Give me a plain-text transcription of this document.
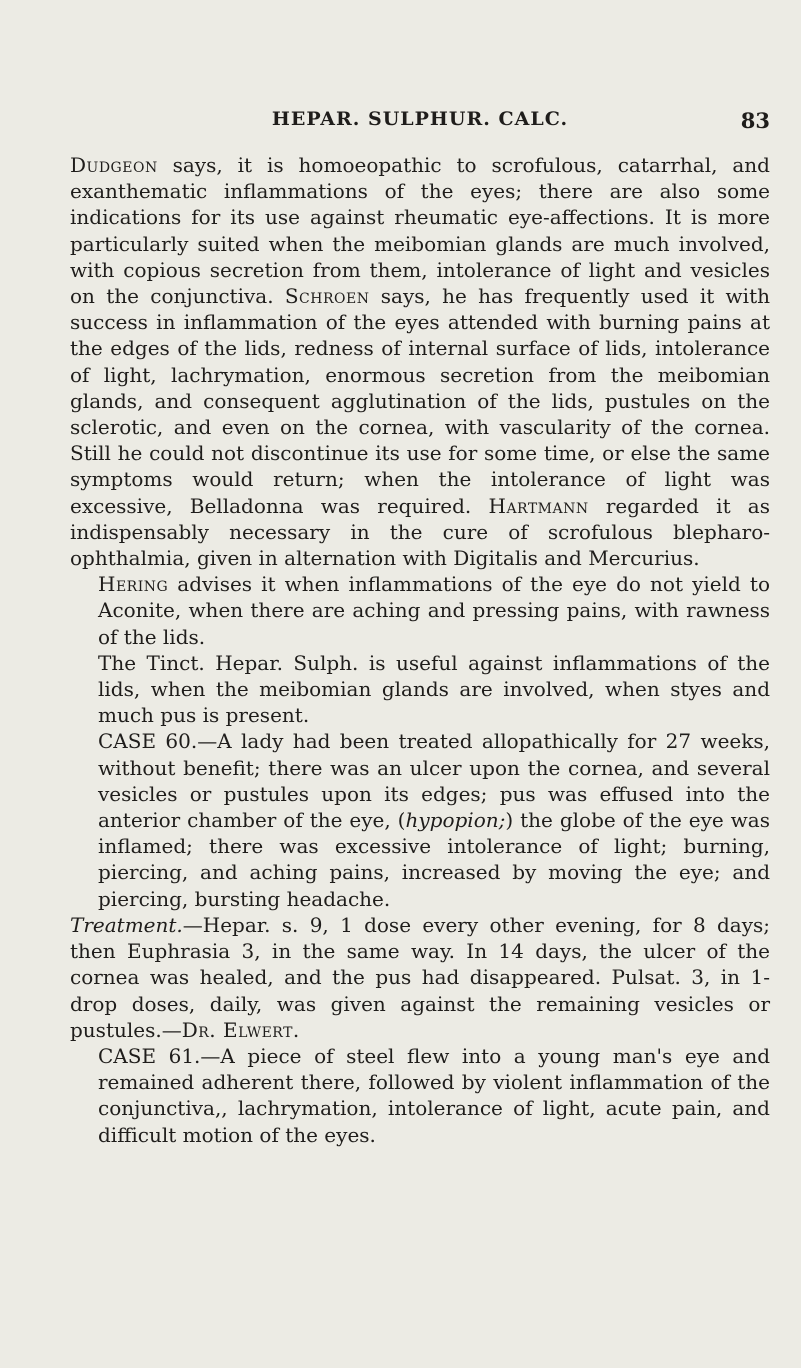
HEPAR. SULPHUR. CALC.	83

Dudgeon says, it is homoeopathic to scrofulous, catarrhal, and exanthematic inflammations of the eyes; there are also some indications for its use against rheumatic eye-affections. It is more particularly suited when the meibomian glands are much involved, with copious secretion from them, intolerance of light and vesicles on the conjunctiva. Schroen says, he has frequently used it with success in inflammation of the eyes attended with burning pains at the edges of the lids, redness of internal surface of lids, intolerance of light, lachrymation, enormous secretion from the meibomian glands, and consequent agglutination of the lids, pustules on the sclerotic, and even on the cornea, with vascularity of the cornea. Still he could not discontinue its use for some time, or else the same symptoms would return; when the intolerance of light was excessive, Belladonna was required. Hartmann regarded it as indispensably necessary in the cure of scrofulous blepharo-ophthalmia, given in alternation with Digitalis and Mercurius.

Hering advises it when inflammations of the eye do not yield to Aconite, when there are aching and pressing pains, with rawness of the lids.

The Tinct. Hepar. Sulph. is useful against inflammations of the lids, when the meibomian glands are involved, when styes and much pus is present.

CASE 60.—A lady had been treated allopathically for 27 weeks, without benefit; there was an ulcer upon the cornea, and several vesicles or pustules upon its edges; pus was effused into the anterior chamber of the eye, (hypopion;) the globe of the eye was inflamed; there was excessive intolerance of light; burning, piercing, and aching pains, increased by moving the eye; and piercing, bursting headache.

Treatment.—Hepar. s. 9, 1 dose every other evening, for 8 days; then Euphrasia 3, in the same way. In 14 days, the ulcer of the cornea was healed, and the pus had disappeared. Pulsat. 3, in 1-drop doses, daily, was given against the remaining vesicles or pustules.—Dr. Elwert.

CASE 61.—A piece of steel flew into a young man's eye and remained adherent there, followed by violent inflammation of the conjunctiva,, lachrymation, intolerance of light, acute pain, and difficult motion of the eyes.
